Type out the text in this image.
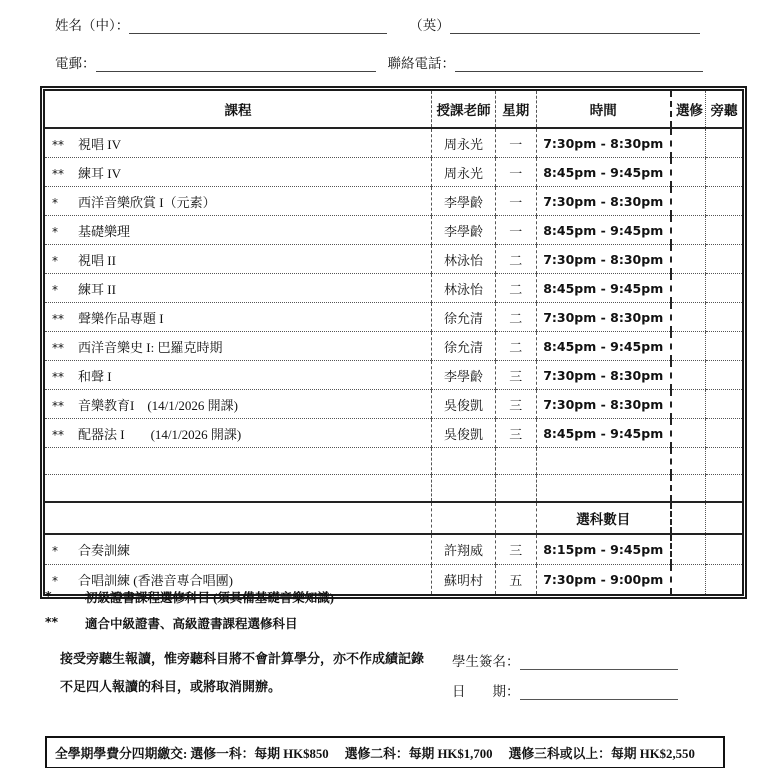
姓名（中）：	（英）
電郵：	聯絡電話：
課程	授課老師	星期	時間	選修	旁聽
** 視唱 IV	周永光	一	7:30pm - 8:30pm		
** 練耳 IV	周永光	一	8:45pm - 9:45pm		
* 西洋音樂欣賞 I（元素）	李學齡	一	7:30pm - 8:30pm		
* 基礎樂理	李學齡	一	8:45pm - 9:45pm		
* 視唱 II	林泳怡	二	7:30pm - 8:30pm		
* 練耳 II	林泳怡	二	8:45pm - 9:45pm		
** 聲樂作品專題 I	徐允清	二	7:30pm - 8:30pm		
** 西洋音樂史 I: 巴羅克時期	徐允清	二	8:45pm - 9:45pm		
** 和聲 I	李學齡	三	7:30pm - 8:30pm		
** 音樂教育I　(14/1/2026 開課)	吳俊凱	三	7:30pm - 8:30pm		
** 配器法 I　　(14/1/2026 開課)	吳俊凱	三	8:45pm - 9:45pm		

			選科數目		
* 合奏訓練	許翔威	三	8:15pm - 9:45pm		
* 合唱訓練 (香港音專合唱團)	蘇明村	五	7:30pm - 9:00pm		
*	初級證書課程選修科目 (須具備基礎音樂知識)
**	適合中級證書、高級證書課程選修科目
接受旁聽生報讀，惟旁聽科目將不會計算學分，亦不作成績記錄
不足四人報讀的科目，或將取消開辦。
學生簽名：
日　　期：
全學期學費分四期繳交: 選修一科：每期 HK$850　 選修二科：每期 HK$1,700　 選修三科或以上：每期 HK$2,550
